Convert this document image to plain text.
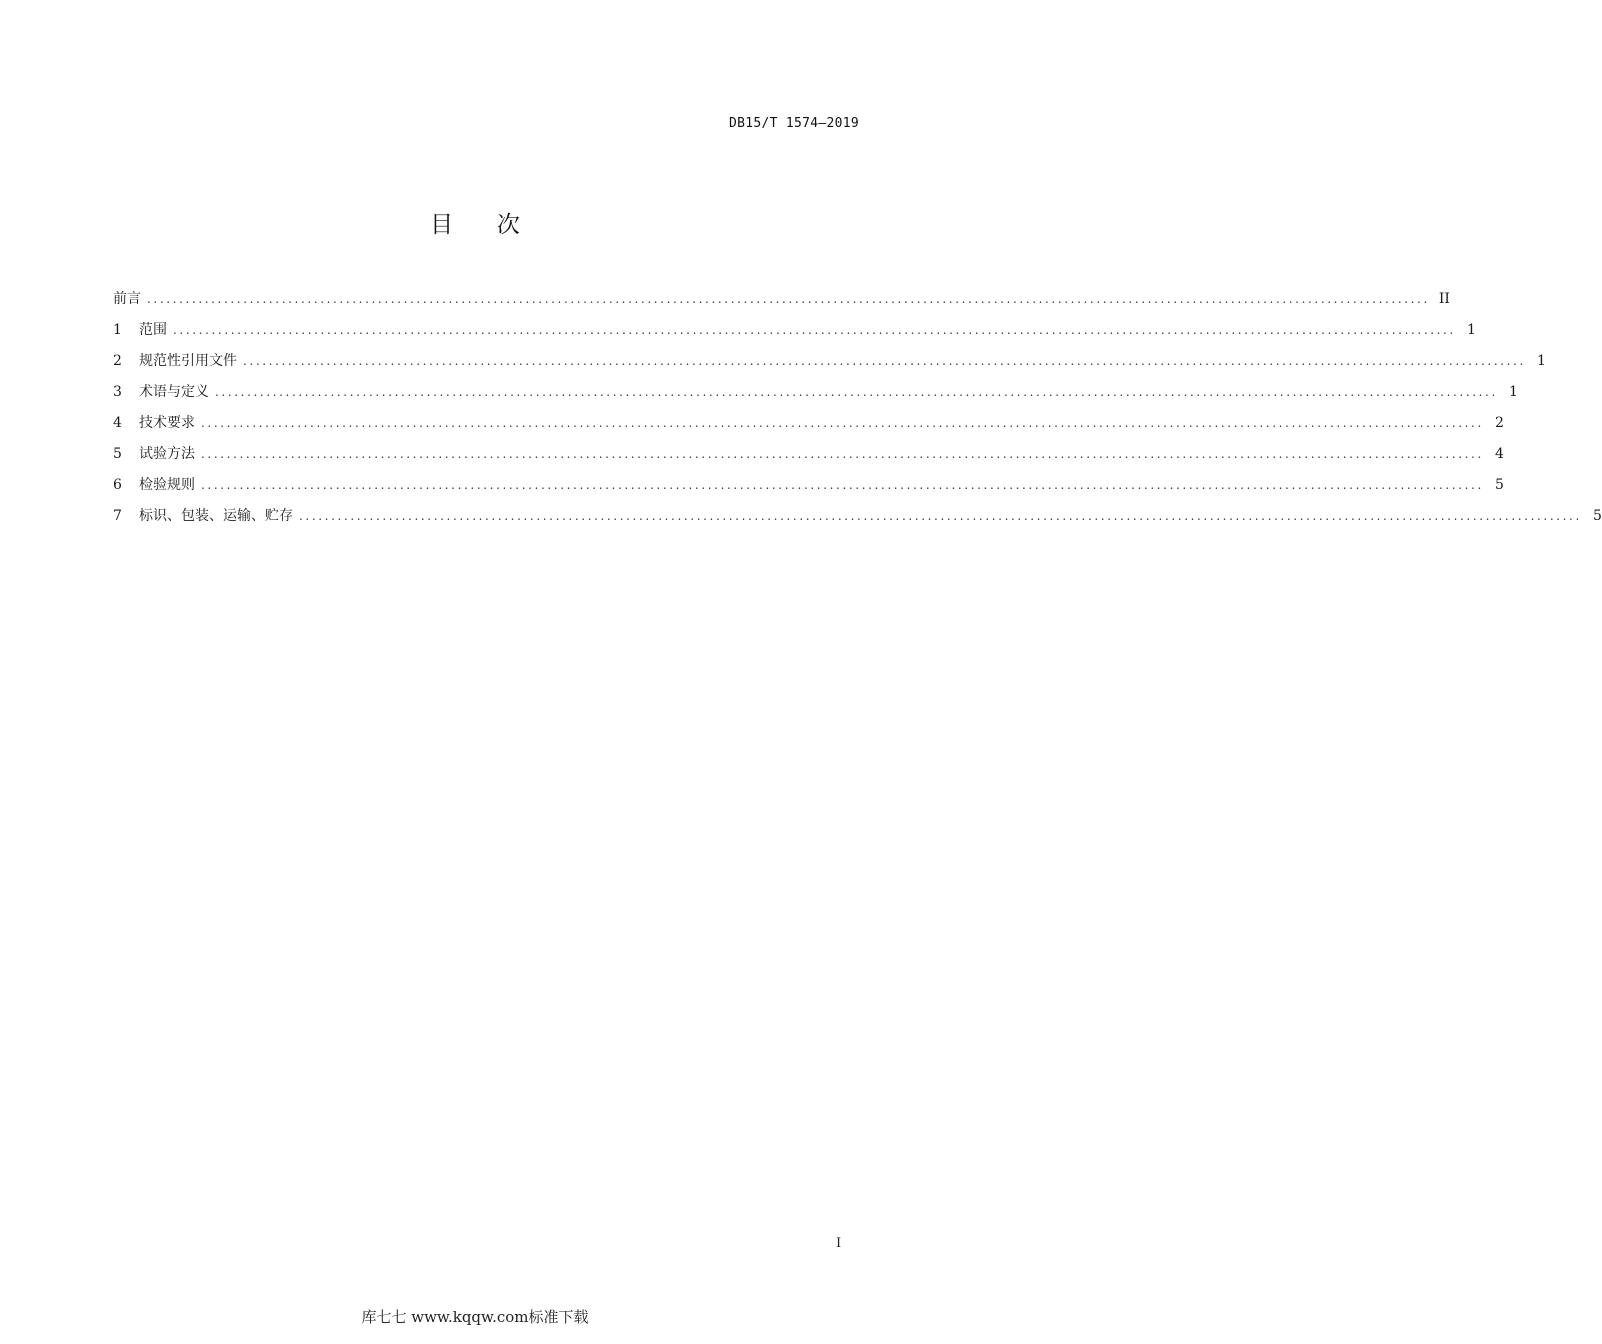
DB15/T 1574—2019
目      次
前言 ........................................................................................................................................................................................................ II
1	范围 ........................................................................................................................................................................................................ 1
2	规范性引用文件 ........................................................................................................................................................................................................ 1
3	术语与定义 ........................................................................................................................................................................................................ 1
4	技术要求 ........................................................................................................................................................................................................ 2
5	试验方法 ........................................................................................................................................................................................................ 4
6	检验规则 ........................................................................................................................................................................................................ 5
7	标识、包装、运输、贮存 ........................................................................................................................................................................................................ 5
I
库七七 www.kqqw.com标准下载
